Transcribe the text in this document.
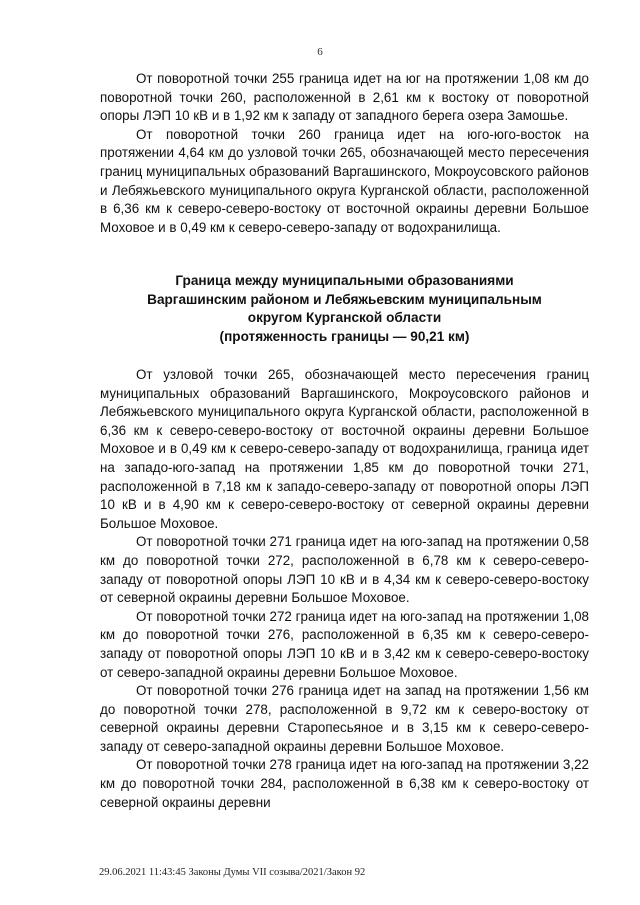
6

От поворотной точки 255 граница идет на юг на протяжении 1,08 км до поворотной точки 260, расположенной в 2,61 км к востоку от поворотной опоры ЛЭП 10 кВ и в 1,92 км к западу от западного берега озера Замошье.

От поворотной точки 260 граница идет на юго-юго-восток на протяжении 4,64 км до узловой точки 265, обозначающей место пересечения границ муниципальных образований Варгашинского, Мокроусовского районов и Лебяжьевского муниципального округа Курганской области, расположенной в 6,36 км к северо-северо-востоку от восточной окраины деревни Большое Моховое и в 0,49 км к северо-северо-западу от водохранилища.

Граница между муниципальными образованиями
Варгашинским районом и Лебяжьевским муниципальным
округом Курганской области
(протяженность границы — 90,21 км)

От узловой точки 265, обозначающей место пересечения границ муниципальных образований Варгашинского, Мокроусовского районов и Лебяжьевского муниципального округа Курганской области, расположенной в 6,36 км к северо-северо-востоку от восточной окраины деревни Большое Моховое и в 0,49 км к северо-северо-западу от водохранилища, граница идет на западо-юго-запад на протяжении 1,85 км до поворотной точки 271, расположенной в 7,18 км к западо-северо-западу от поворотной опоры ЛЭП 10 кВ и в 4,90 км к северо-северо-востоку от северной окраины деревни Большое Моховое.

От поворотной точки 271 граница идет на юго-запад на протяжении 0,58 км до поворотной точки 272, расположенной в 6,78 км к северо-северо-западу от поворотной опоры ЛЭП 10 кВ и в 4,34 км к северо-северо-востоку от северной окраины деревни Большое Моховое.

От поворотной точки 272 граница идет на юго-запад на протяжении 1,08 км до поворотной точки 276, расположенной в 6,35 км к северо-северо-западу от поворотной опоры ЛЭП 10 кВ и в 3,42 км к северо-северо-востоку от северо-западной окраины деревни Большое Моховое.

От поворотной точки 276 граница идет на запад на протяжении 1,56 км до поворотной точки 278, расположенной в 9,72 км к северо-востоку от северной окраины деревни Старопесьяное и в 3,15 км к северо-северо-западу от северо-западной окраины деревни Большое Моховое.

От поворотной точки 278 граница идет на юго-запад на протяжении 3,22 км до поворотной точки 284, расположенной в 6,38 км к северо-востоку от северной окраины деревни

29.06.2021 11:43:45 Законы Думы VII созыва/2021/Закон 92
